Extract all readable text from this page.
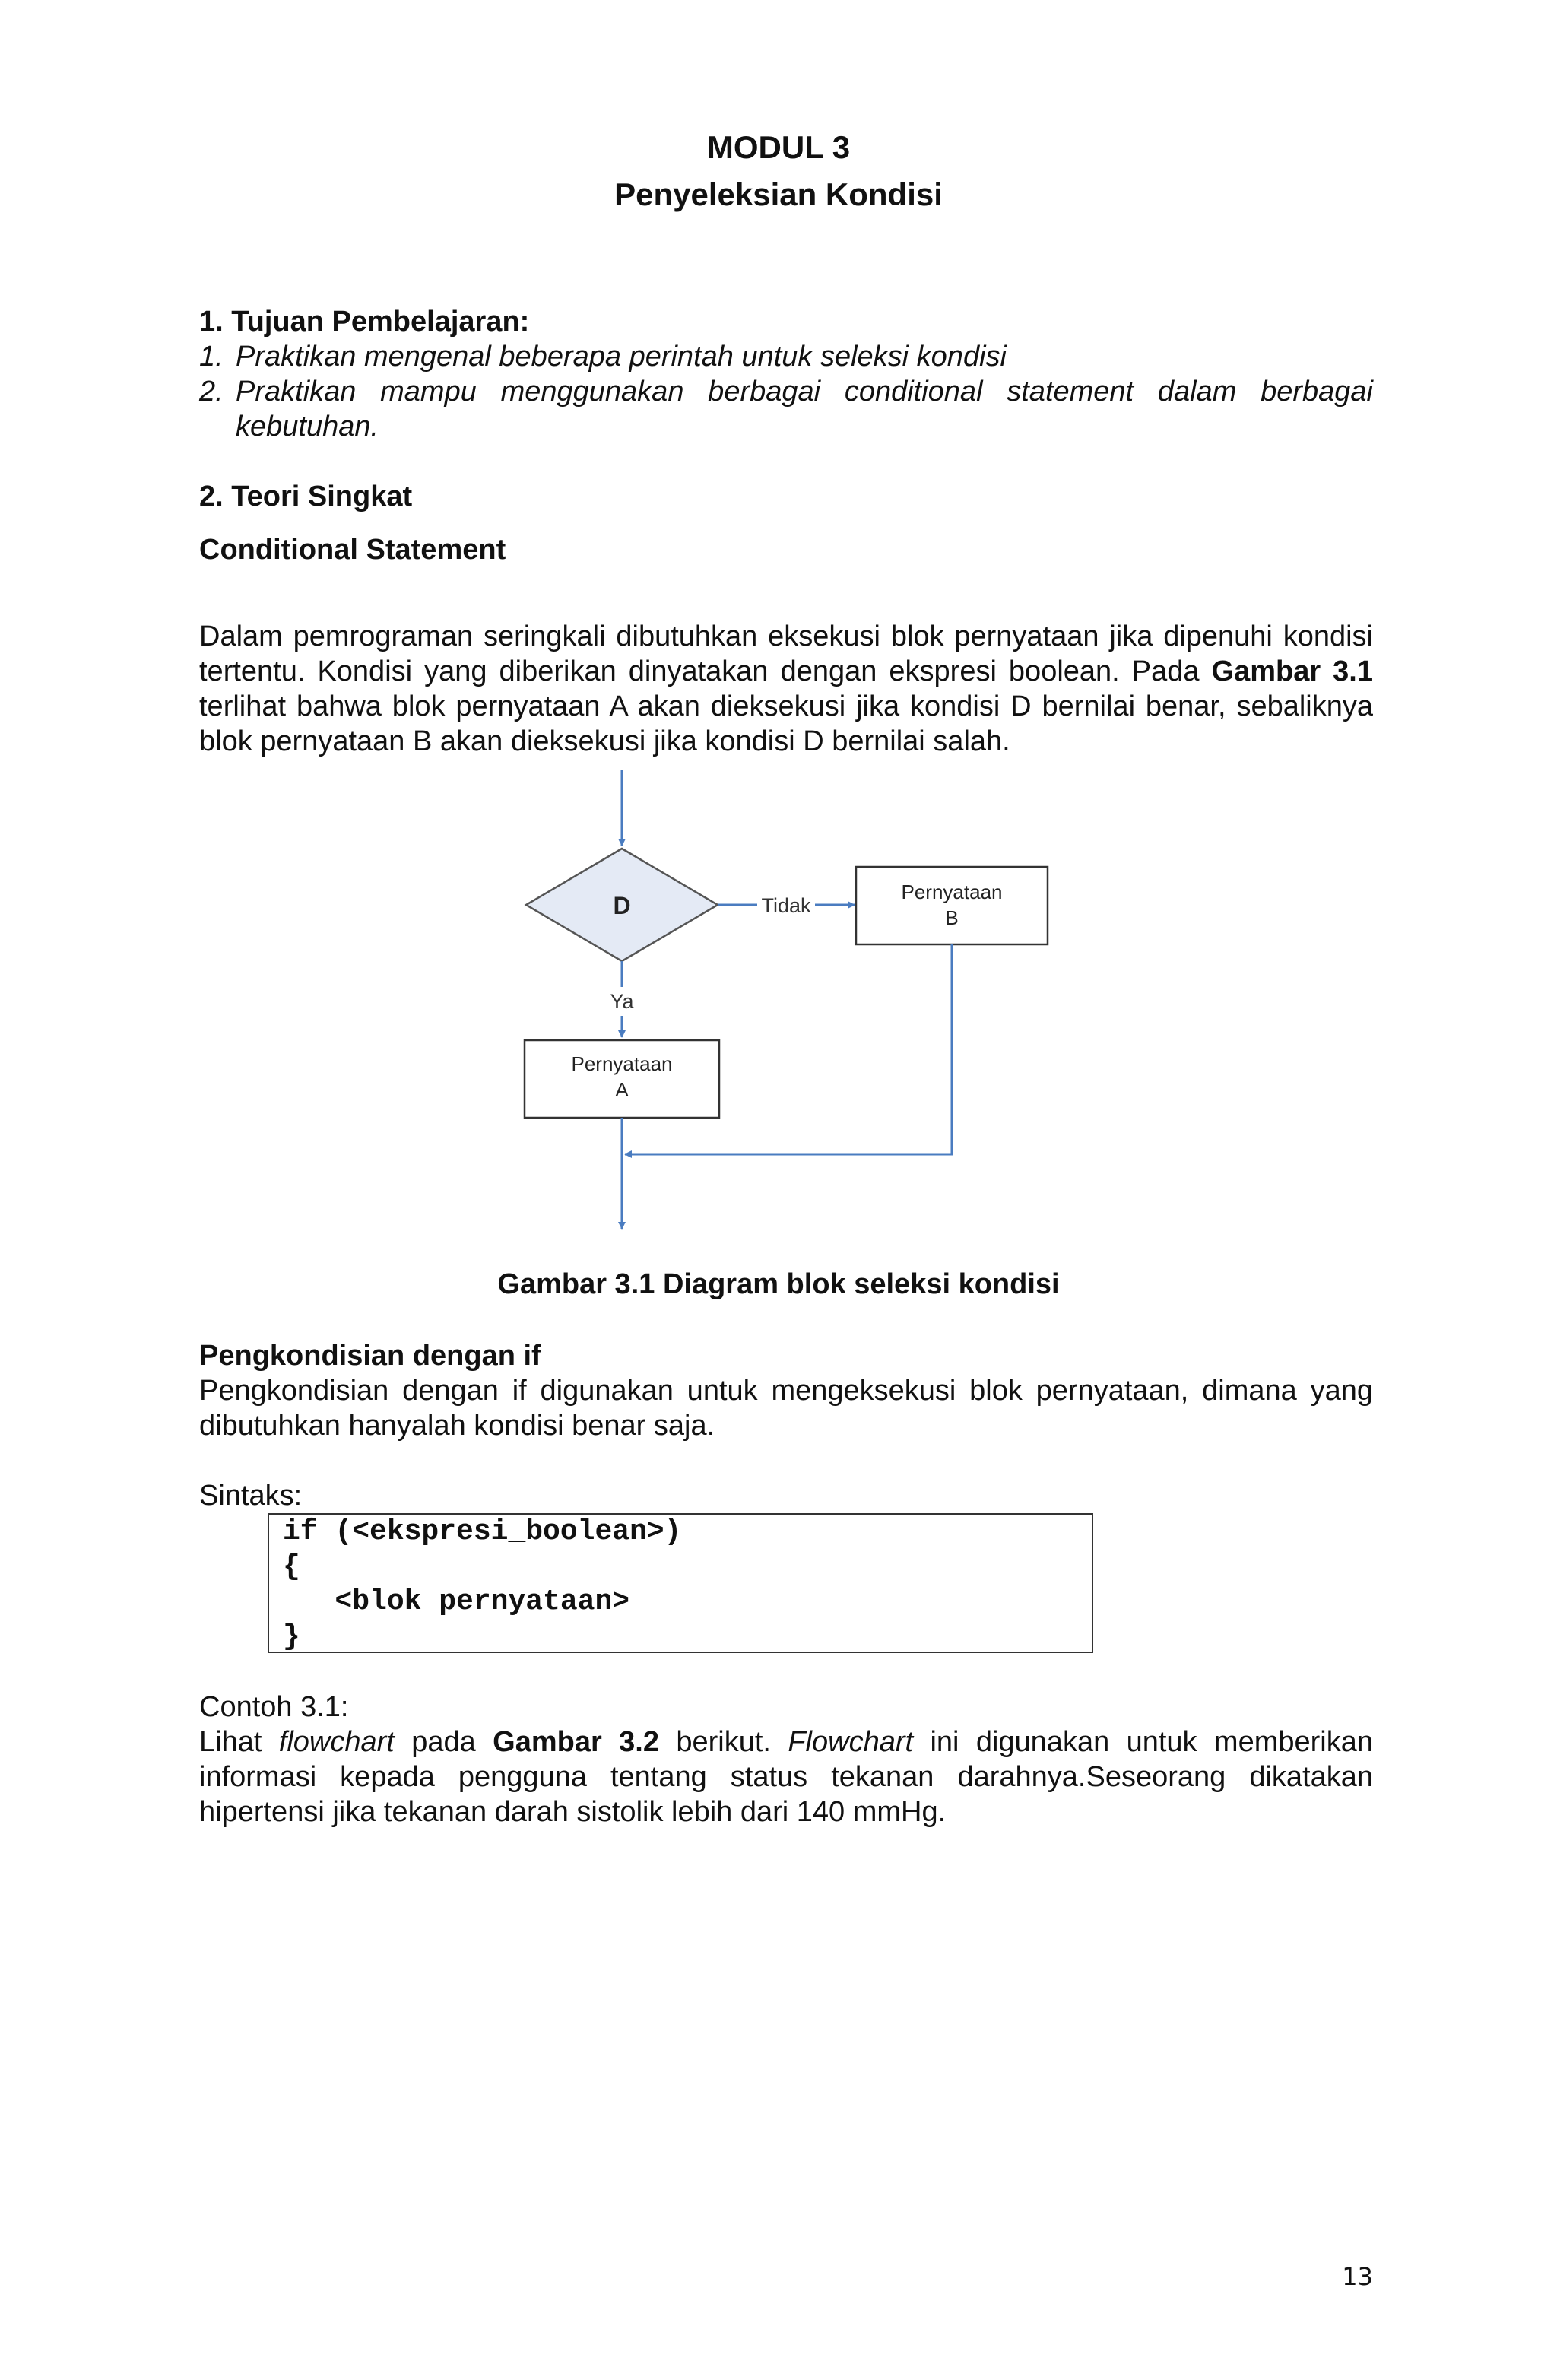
MODUL 3
Penyeleksian Kondisi
1. Tujuan Pembelajaran:
1. Praktikan mengenal beberapa perintah untuk seleksi kondisi
2. Praktikan mampu menggunakan berbagai conditional statement dalam berbagai kebutuhan.
2. Teori Singkat
Conditional Statement
Dalam pemrograman seringkali dibutuhkan eksekusi blok pernyataan jika dipenuhi kondisi tertentu. Kondisi yang diberikan dinyatakan dengan ekspresi boolean. Pada Gambar 3.1 terlihat bahwa blok pernyataan A akan dieksekusi jika kondisi D bernilai benar, sebaliknya blok pernyataan B akan dieksekusi jika kondisi D bernilai salah.
D	Tidak
Pernyataan
B
Ya
Pernyataan
A
Gambar 3.1 Diagram blok seleksi kondisi
Pengkondisian dengan if
Pengkondisian dengan if digunakan untuk mengeksekusi blok pernyataan, dimana yang dibutuhkan hanyalah kondisi benar saja.
Sintaks:
if (<ekspresi_boolean>)
{
<blok pernyataan>
}
Contoh 3.1:
Lihat flowchart pada Gambar 3.2 berikut. Flowchart ini digunakan untuk memberikan informasi kepada pengguna tentang status tekanan darahnya.Seseorang dikatakan hipertensi jika tekanan darah sistolik lebih dari 140 mmHg.
13
